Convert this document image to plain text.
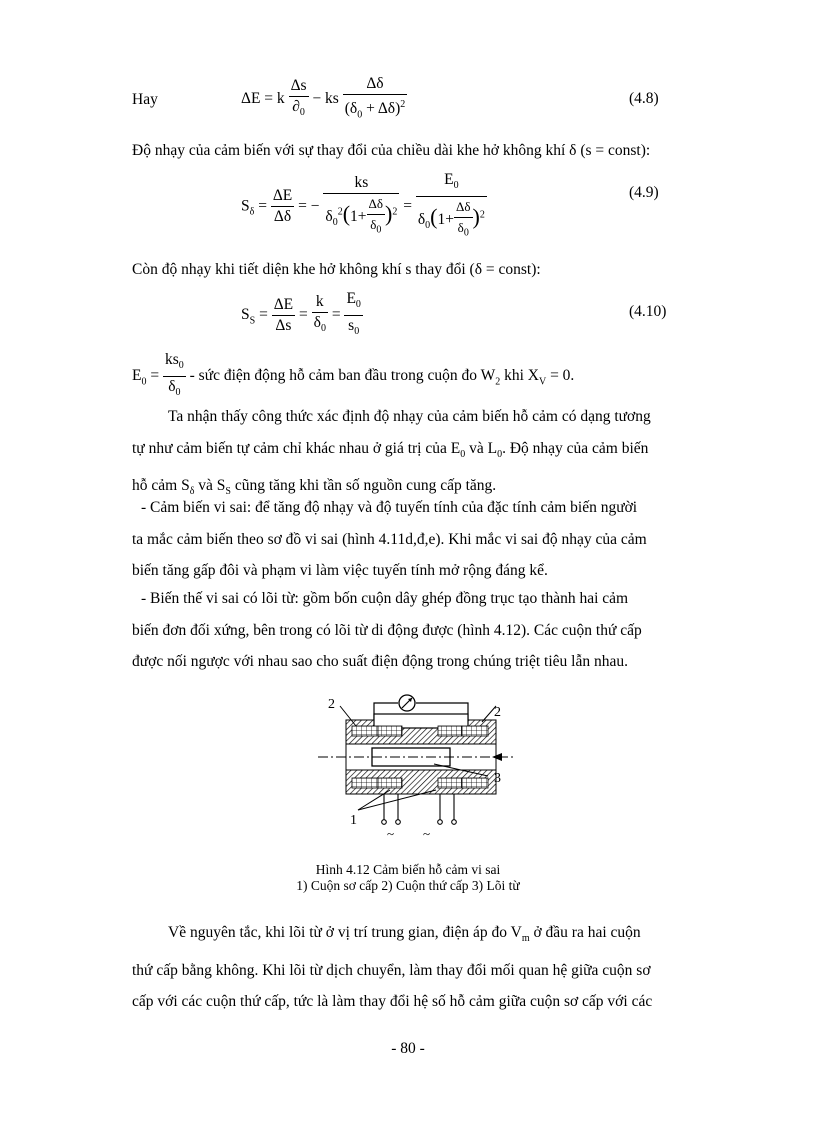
Hay	ΔE = k $\frac{\Delta s}{\partial_0}$ − ks $\frac{\Delta\delta}{(\delta_0 + \Delta\delta)^2}$	(4.8)
Độ nhạy của cảm biến với sự thay đổi của chiều dài khe hở không khí δ (s = const):
$S_\delta = \frac{\Delta E}{\Delta\delta}$ = − $\frac{ks}{\delta_0^2(1+ \frac{\Delta\delta}{\delta_0} )^2} = \frac{E_0}{\delta_0(1+ \frac{\Delta\delta}{\delta_0} )^2}$	(4.9)
Còn độ nhạy khi tiết diện khe hở không khí s thay đổi (δ = const):
$S_S = \frac{\Delta E}{\Delta s} = \frac{k}{\delta_0} = \frac{E_0}{s_0}$	(4.10)
$E_0 = \frac{ks_0}{\delta_0}$ - sức điện động hỗ cảm ban đầu trong cuộn đo $W_2$ khi $X_V = 0$.
Ta nhận thấy công thức xác định độ nhạy của cảm biến hỗ cảm có dạng tương
tự như cảm biến tự cảm chỉ khác nhau ở giá trị của $E_0$ và $L_0$. Độ nhạy của cảm biến
hỗ cảm $S_\delta$ và $S_S$ cũng tăng khi tần số nguồn cung cấp tăng.
- Cảm biến vi sai: để tăng độ nhạy và độ tuyến tính của đặc tính cảm biến người
ta mắc cảm biến theo sơ đồ vi sai (hình 4.11d,đ,e). Khi mắc vi sai độ nhạy của cảm
biến tăng gấp đôi và phạm vi làm việc tuyến tính mở rộng đáng kể.
- Biến thế vi sai có lõi từ: gồm bốn cuộn dây ghép đồng trục tạo thành hai cảm
biến đơn đối xứng, bên trong có lõi từ di động được (hình 4.12). Các cuộn thứ cấp
được nối ngược với nhau sao cho suất điện động trong chúng triệt tiêu lẫn nhau.
2
2
3
1
~ ~
Hình 4.12 Cảm biến hỗ cảm vi sai
1) Cuộn sơ cấp 2) Cuộn thứ cấp 3) Lõi từ
Về nguyên tắc, khi lõi từ ở vị trí trung gian, điện áp đo $V_m$ ở đầu ra hai cuộn
thứ cấp bằng không. Khi lõi từ dịch chuyển, làm thay đổi mối quan hệ giữa cuộn sơ
cấp với các cuộn thứ cấp, tức là làm thay đổi hệ số hỗ cảm giữa cuộn sơ cấp với các
- 80 -
